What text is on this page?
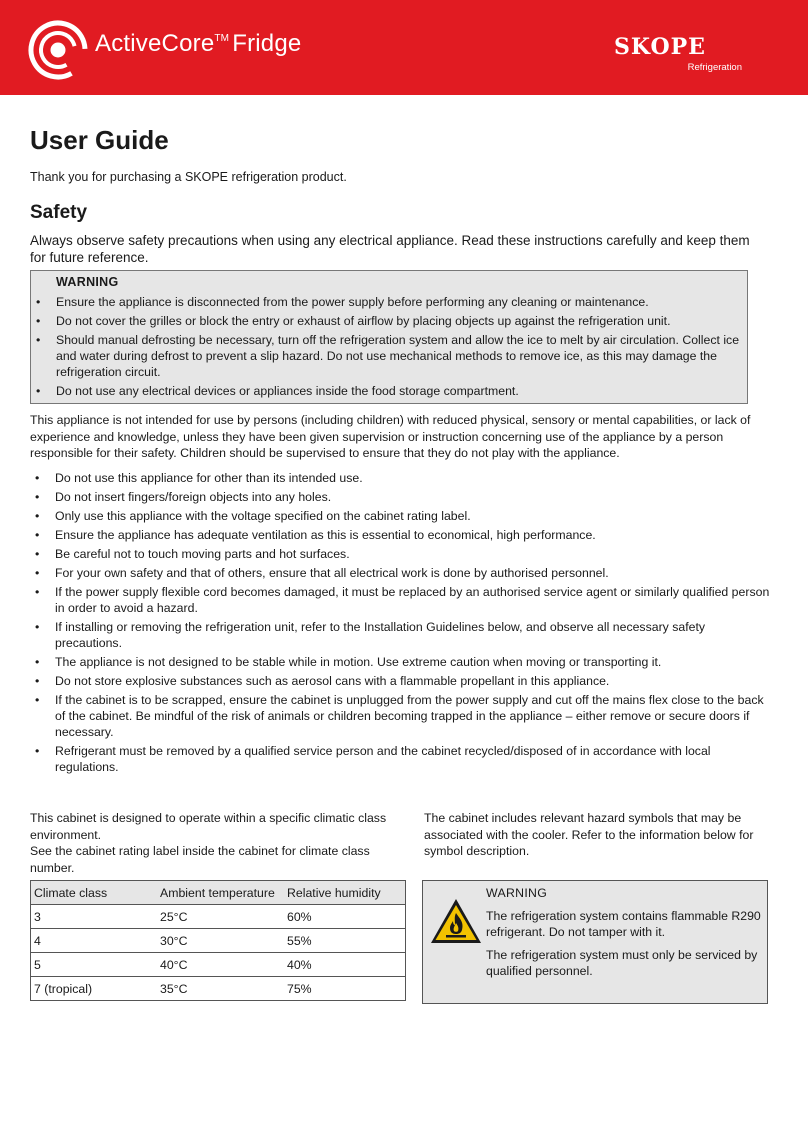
ActiveCore™ Fridge	SKOPE
Refrigeration
User Guide

Thank you for purchasing a SKOPE refrigeration product.

Safety

Always observe safety precautions when using any electrical appliance. Read these instructions carefully and keep them for future reference.

WARNING
• Ensure the appliance is disconnected from the power supply before performing any cleaning or maintenance.
• Do not cover the grilles or block the entry or exhaust of airflow by placing objects up against the refrigeration unit.
• Should manual defrosting be necessary, turn off the refrigeration system and allow the ice to melt by air circulation. Collect ice and water during defrost to prevent a slip hazard. Do not use mechanical methods to remove ice, as this may damage the refrigeration circuit.
• Do not use any electrical devices or appliances inside the food storage compartment.

This appliance is not intended for use by persons (including children) with reduced physical, sensory or mental capabilities, or lack of experience and knowledge, unless they have been given supervision or instruction concerning use of the appliance by a person responsible for their safety. Children should be supervised to ensure that they do not play with the appliance.

• Do not use this appliance for other than its intended use.
• Do not insert fingers/foreign objects into any holes.
• Only use this appliance with the voltage specified on the cabinet rating label.
• Ensure the appliance has adequate ventilation as this is essential to economical, high performance.
• Be careful not to touch moving parts and hot surfaces.
• For your own safety and that of others, ensure that all electrical work is done by authorised personnel.
• If the power supply flexible cord becomes damaged, it must be replaced by an authorised service agent or similarly qualified person in order to avoid a hazard.
• If installing or removing the refrigeration unit, refer to the Installation Guidelines below, and observe all necessary safety precautions.
• The appliance is not designed to be stable while in motion. Use extreme caution when moving or transporting it.
• Do not store explosive substances such as aerosol cans with a flammable propellant in this appliance.
• If the cabinet is to be scrapped, ensure the cabinet is unplugged from the power supply and cut off the mains flex close to the back of the cabinet. Be mindful of the risk of animals or children becoming trapped in the appliance – either remove or secure doors if necessary.
• Refrigerant must be removed by a qualified service person and the cabinet recycled/disposed of in accordance with local regulations.

This cabinet is designed to operate within a specific climatic class environment.

See the cabinet rating label inside the cabinet for climate class number.

Climate class	Ambient temperature	Relative humidity
3	25°C	60%
4	30°C	55%
5	40°C	40%
7 (tropical)	35°C	75%

The cabinet includes relevant hazard symbols that may be associated with the cooler. Refer to the information below for symbol description.

WARNING

The refrigeration system contains flammable R290 refrigerant. Do not tamper with it.

The refrigeration system must only be serviced by qualified personnel.
